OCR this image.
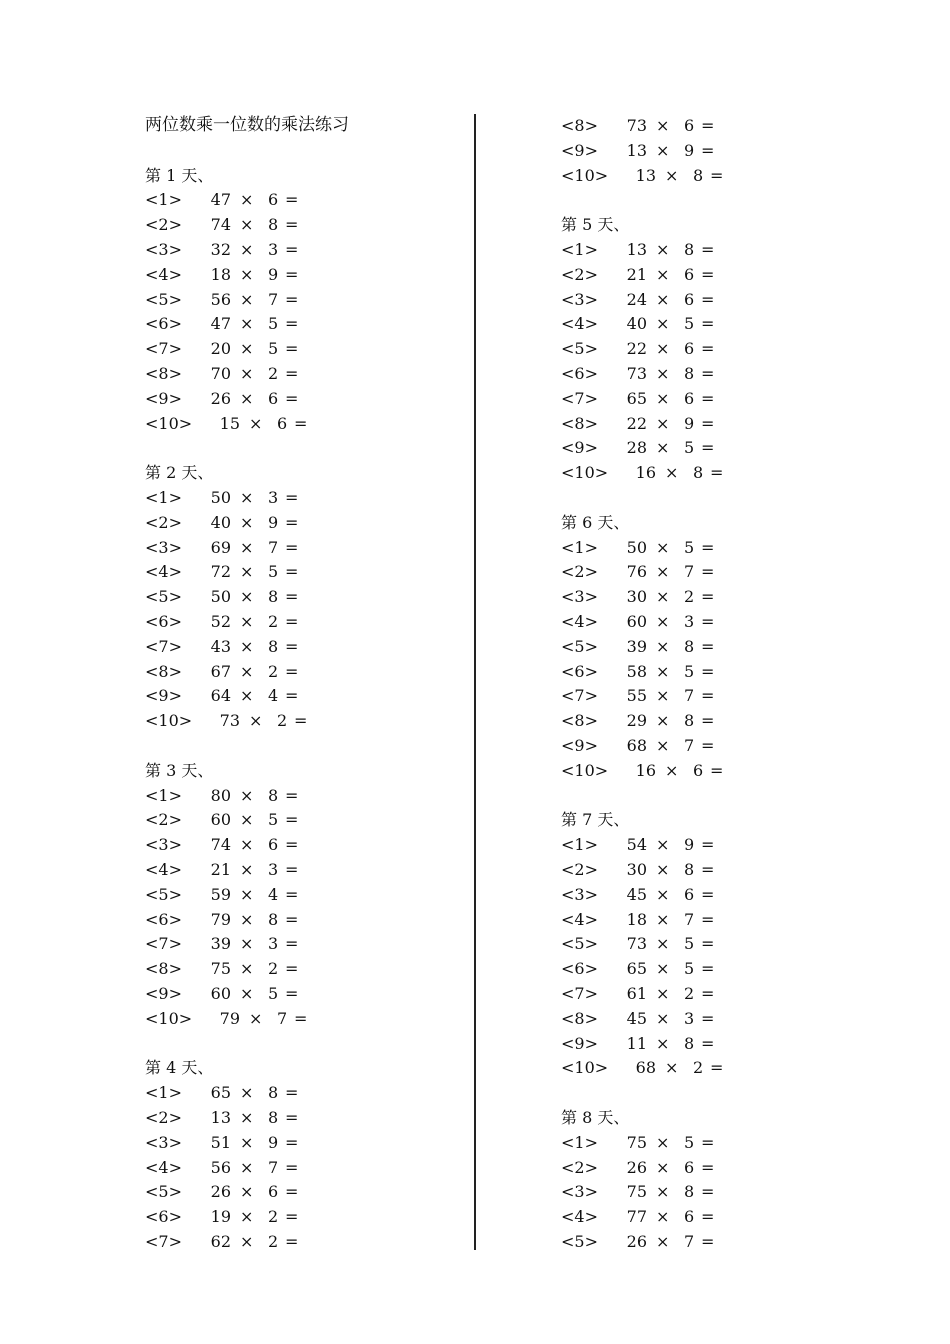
两位数乘一位数的乘法练习
第 1 天、
<1> 47 × 6 =
<2> 74 × 8 =
<3> 32 × 3 =
<4> 18 × 9 =
<5> 56 × 7 =
<6> 47 × 5 =
<7> 20 × 5 =
<8> 70 × 2 =
<9> 26 × 6 =
<10> 15 × 6 =
第 2 天、
<1> 50 × 3 =
<2> 40 × 9 =
<3> 69 × 7 =
<4> 72 × 5 =
<5> 50 × 8 =
<6> 52 × 2 =
<7> 43 × 8 =
<8> 67 × 2 =
<9> 64 × 4 =
<10> 73 × 2 =
第 3 天、
<1> 80 × 8 =
<2> 60 × 5 =
<3> 74 × 6 =
<4> 21 × 3 =
<5> 59 × 4 =
<6> 79 × 8 =
<7> 39 × 3 =
<8> 75 × 2 =
<9> 60 × 5 =
<10> 79 × 7 =
第 4 天、
<1> 65 × 8 =
<2> 13 × 8 =
<3> 51 × 9 =
<4> 56 × 7 =
<5> 26 × 6 =
<6> 19 × 2 =
<7> 62 × 2 =
<8> 73 × 6 =
<9> 13 × 9 =
<10> 13 × 8 =
第 5 天、
<1> 13 × 8 =
<2> 21 × 6 =
<3> 24 × 6 =
<4> 40 × 5 =
<5> 22 × 6 =
<6> 73 × 8 =
<7> 65 × 6 =
<8> 22 × 9 =
<9> 28 × 5 =
<10> 16 × 8 =
第 6 天、
<1> 50 × 5 =
<2> 76 × 7 =
<3> 30 × 2 =
<4> 60 × 3 =
<5> 39 × 8 =
<6> 58 × 5 =
<7> 55 × 7 =
<8> 29 × 8 =
<9> 68 × 7 =
<10> 16 × 6 =
第 7 天、
<1> 54 × 9 =
<2> 30 × 8 =
<3> 45 × 6 =
<4> 18 × 7 =
<5> 73 × 5 =
<6> 65 × 5 =
<7> 61 × 2 =
<8> 45 × 3 =
<9> 11 × 8 =
<10> 68 × 2 =
第 8 天、
<1> 75 × 5 =
<2> 26 × 6 =
<3> 75 × 8 =
<4> 77 × 6 =
<5> 26 × 7 =
